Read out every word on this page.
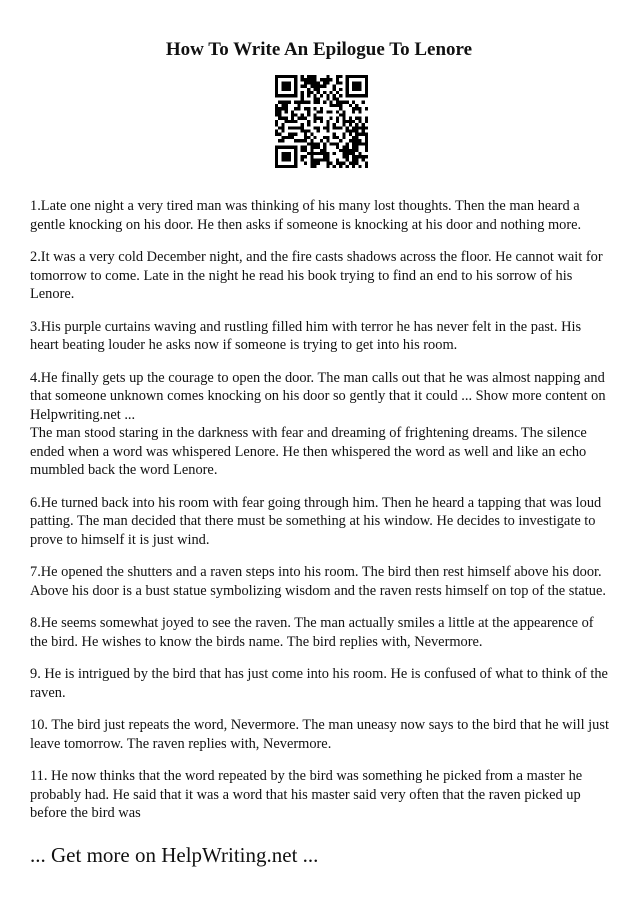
How To Write An Epilogue To Lenore

1.Late one night a very tired man was thinking of his many lost thoughts. Then the man heard a gentle knocking on his door. He then asks if someone is knocking at his door and nothing more.

2.It was a very cold December night, and the fire casts shadows across the floor. He cannot wait for tomorrow to come. Late in the night he read his book trying to find an end to his sorrow of his Lenore.

3.His purple curtains waving and rustling filled him with terror he has never felt in the past. His heart beating louder he asks now if someone is trying to get into his room.

4.He finally gets up the courage to open the door. The man calls out that he was almost napping and that someone unknown comes knocking on his door so gently that it could ... Show more content on Helpwriting.net ...

The man stood staring in the darkness with fear and dreaming of frightening dreams. The silence ended when a word was whispered Lenore. He then whispered the word as well and like an echo mumbled back the word Lenore.

6.He turned back into his room with fear going through him. Then he heard a tapping that was loud patting. The man decided that there must be something at his window. He decides to investigate to prove to himself it is just wind.

7.He opened the shutters and a raven steps into his room. The bird then rest himself above his door. Above his door is a bust statue symbolizing wisdom and the raven rests himself on top of the statue.

8.He seems somewhat joyed to see the raven. The man actually smiles a little at the appearence of the bird. He wishes to know the birds name. The bird replies with, Nevermore.

9. He is intrigued by the bird that has just come into his room. He is confused of what to think of the raven.

10. The bird just repeats the word, Nevermore. The man uneasy now says to the bird that he will just leave tomorrow. The raven replies with, Nevermore.

11. He now thinks that the word repeated by the bird was something he picked from a master he probably had. He said that it was a word that his master said very often that the raven picked up before the bird was

... Get more on HelpWriting.net ...
